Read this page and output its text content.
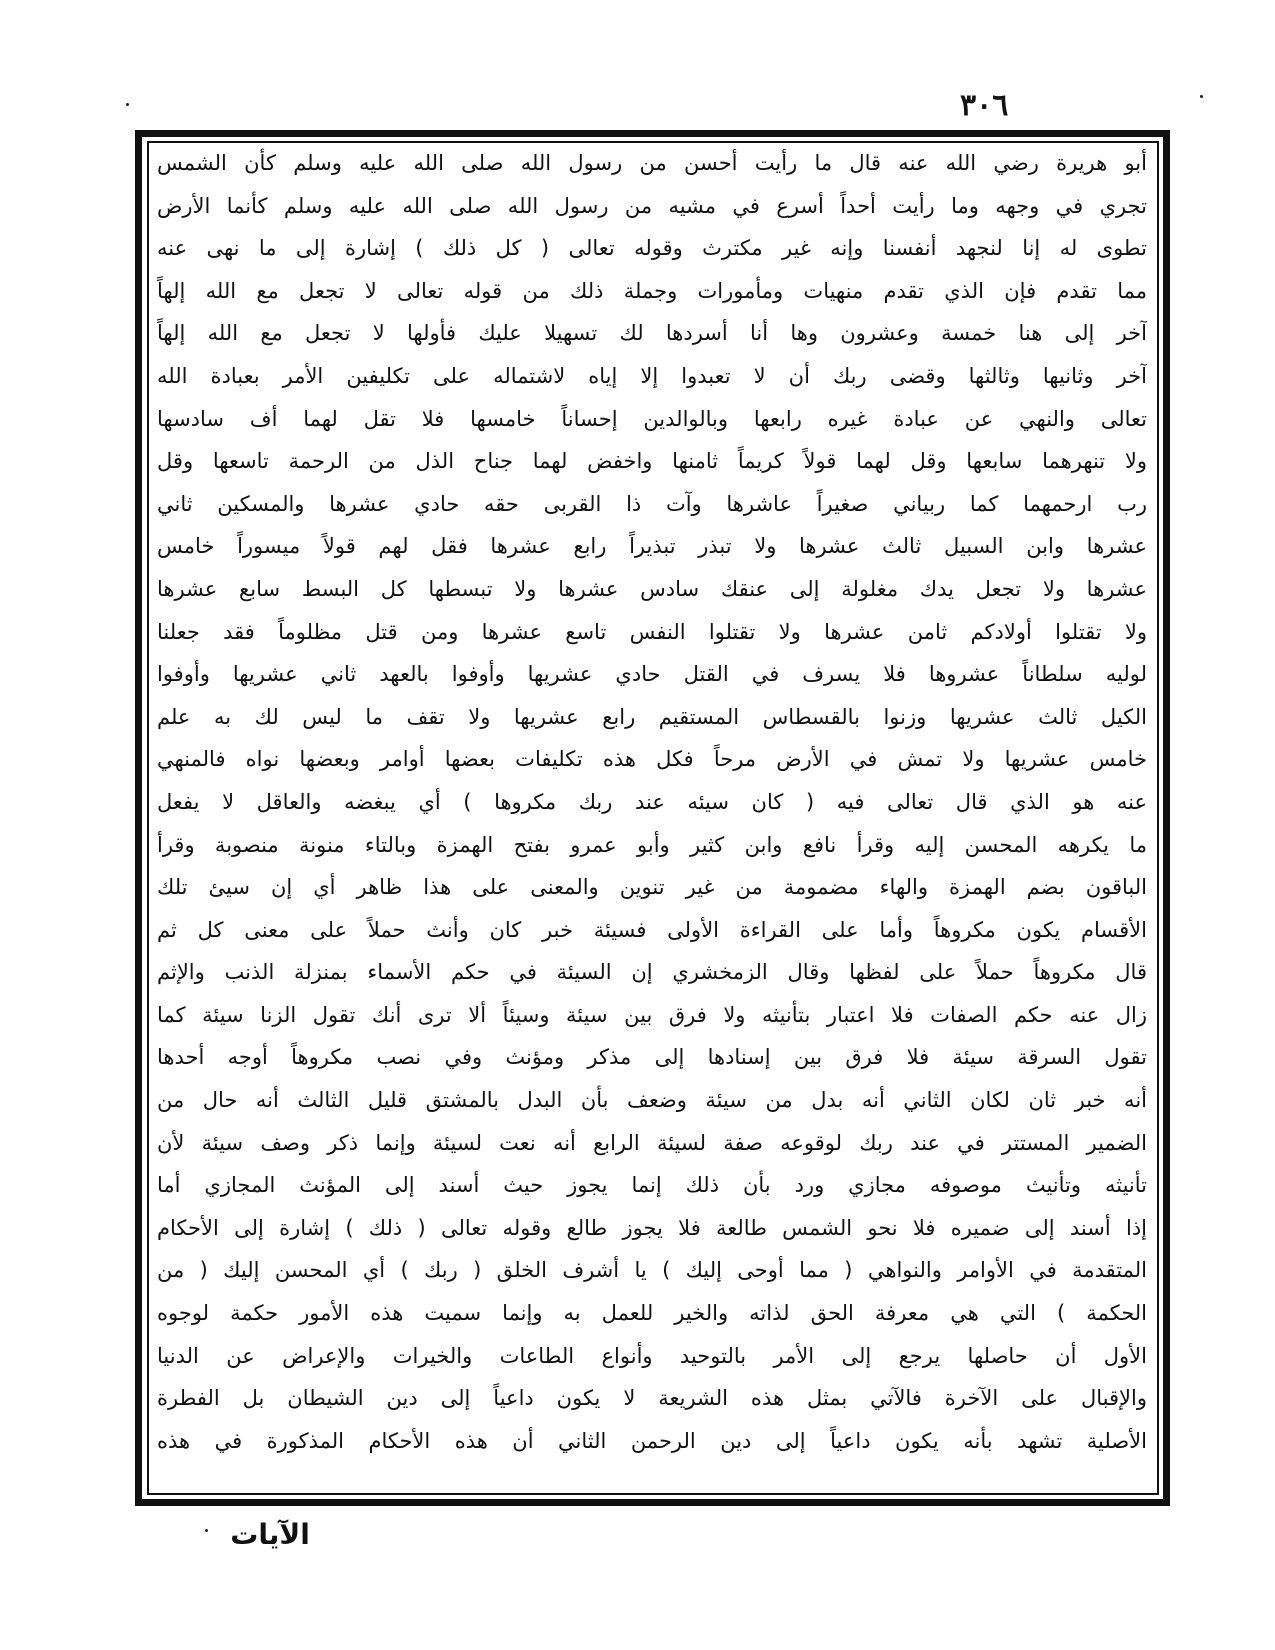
٣٠٦
أبو هريرة رضي الله عنه قال ما رأيت أحسن من رسول الله صلى الله عليه وسلم كأن الشمس
تجري في وجهه وما رأيت أحداً أسرع في مشيه من رسول الله صلى الله عليه وسلم كأنما الأرض
تطوى له إنا لنجهد أنفسنا وإنه غير مكترث وقوله تعالى ( كل ذلك ) إشارة إلى ما نهى عنه
مما تقدم فإن الذي تقدم منهيات ومأمورات وجملة ذلك من قوله تعالى لا تجعل مع الله إلهاً
آخر إلى هنا خمسة وعشرون وها أنا أسردها لك تسهيلا عليك فأولها لا تجعل مع الله إلهاً
آخر وثانيها وثالثها وقضى ربك أن لا تعبدوا إلا إياه لاشتماله على تكليفين الأمر بعبادة الله
تعالى والنهي عن عبادة غيره رابعها وبالوالدين إحساناً خامسها فلا تقل لهما أف سادسها
ولا تنهرهما سابعها وقل لهما قولاً كريماً ثامنها واخفض لهما جناح الذل من الرحمة تاسعها وقل
رب ارحمهما كما ربياني صغيراً عاشرها وآت ذا القربى حقه حادي عشرها والمسكين ثاني
عشرها وابن السبيل ثالث عشرها ولا تبذر تبذيراً رابع عشرها فقل لهم قولاً ميسوراً خامس
عشرها ولا تجعل يدك مغلولة إلى عنقك سادس عشرها ولا تبسطها كل البسط سابع عشرها
ولا تقتلوا أولادكم ثامن عشرها ولا تقتلوا النفس تاسع عشرها ومن قتل مظلوماً فقد جعلنا
لوليه سلطاناً عشروها فلا يسرف في القتل حادي عشريها وأوفوا بالعهد ثاني عشريها وأوفوا
الكيل ثالث عشريها وزنوا بالقسطاس المستقيم رابع عشريها ولا تقف ما ليس لك به علم
خامس عشريها ولا تمش في الأرض مرحاً فكل هذه تكليفات بعضها أوامر وبعضها نواه فالمنهي
عنه هو الذي قال تعالى فيه ( كان سيئه عند ربك مكروها ) أي يبغضه والعاقل لا يفعل
ما يكرهه المحسن إليه وقرأ نافع وابن كثير وأبو عمرو بفتح الهمزة وبالتاء منونة منصوبة وقرأ
الباقون بضم الهمزة والهاء مضمومة من غير تنوين والمعنى على هذا ظاهر أي إن سيئ تلك
الأقسام يكون مكروهاً وأما على القراءة الأولى فسيئة خبر كان وأنث حملاً على معنى كل ثم
قال مكروهاً حملاً على لفظها وقال الزمخشري إن السيئة في حكم الأسماء بمنزلة الذنب والإثم
زال عنه حكم الصفات فلا اعتبار بتأنيثه ولا فرق بين سيئة وسيئاً ألا ترى أنك تقول الزنا سيئة كما
تقول السرقة سيئة فلا فرق بين إسنادها إلى مذكر ومؤنث وفي نصب مكروهاً أوجه أحدها
أنه خبر ثان لكان الثاني أنه بدل من سيئة وضعف بأن البدل بالمشتق قليل الثالث أنه حال من
الضمير المستتر في عند ربك لوقوعه صفة لسيئة الرابع أنه نعت لسيئة وإنما ذكر وصف سيئة لأن
تأنيثه وتأنيث موصوفه مجازي ورد بأن ذلك إنما يجوز حيث أسند إلى المؤنث المجازي أما
إذا أسند إلى ضميره فلا نحو الشمس طالعة فلا يجوز طالع وقوله تعالى ( ذلك ) إشارة إلى الأحكام
المتقدمة في الأوامر والنواهي ( مما أوحى إليك ) يا أشرف الخلق ( ربك ) أي المحسن إليك ( من
الحكمة ) التي هي معرفة الحق لذاته والخير للعمل به وإنما سميت هذه الأمور حكمة لوجوه
الأول أن حاصلها يرجع إلى الأمر بالتوحيد وأنواع الطاعات والخيرات والإعراض عن الدنيا
والإقبال على الآخرة فالآتي بمثل هذه الشريعة لا يكون داعياً إلى دين الشيطان بل الفطرة
الأصلية تشهد بأنه يكون داعياً إلى دين الرحمن الثاني أن هذه الأحكام المذكورة في هذه
الآيات
